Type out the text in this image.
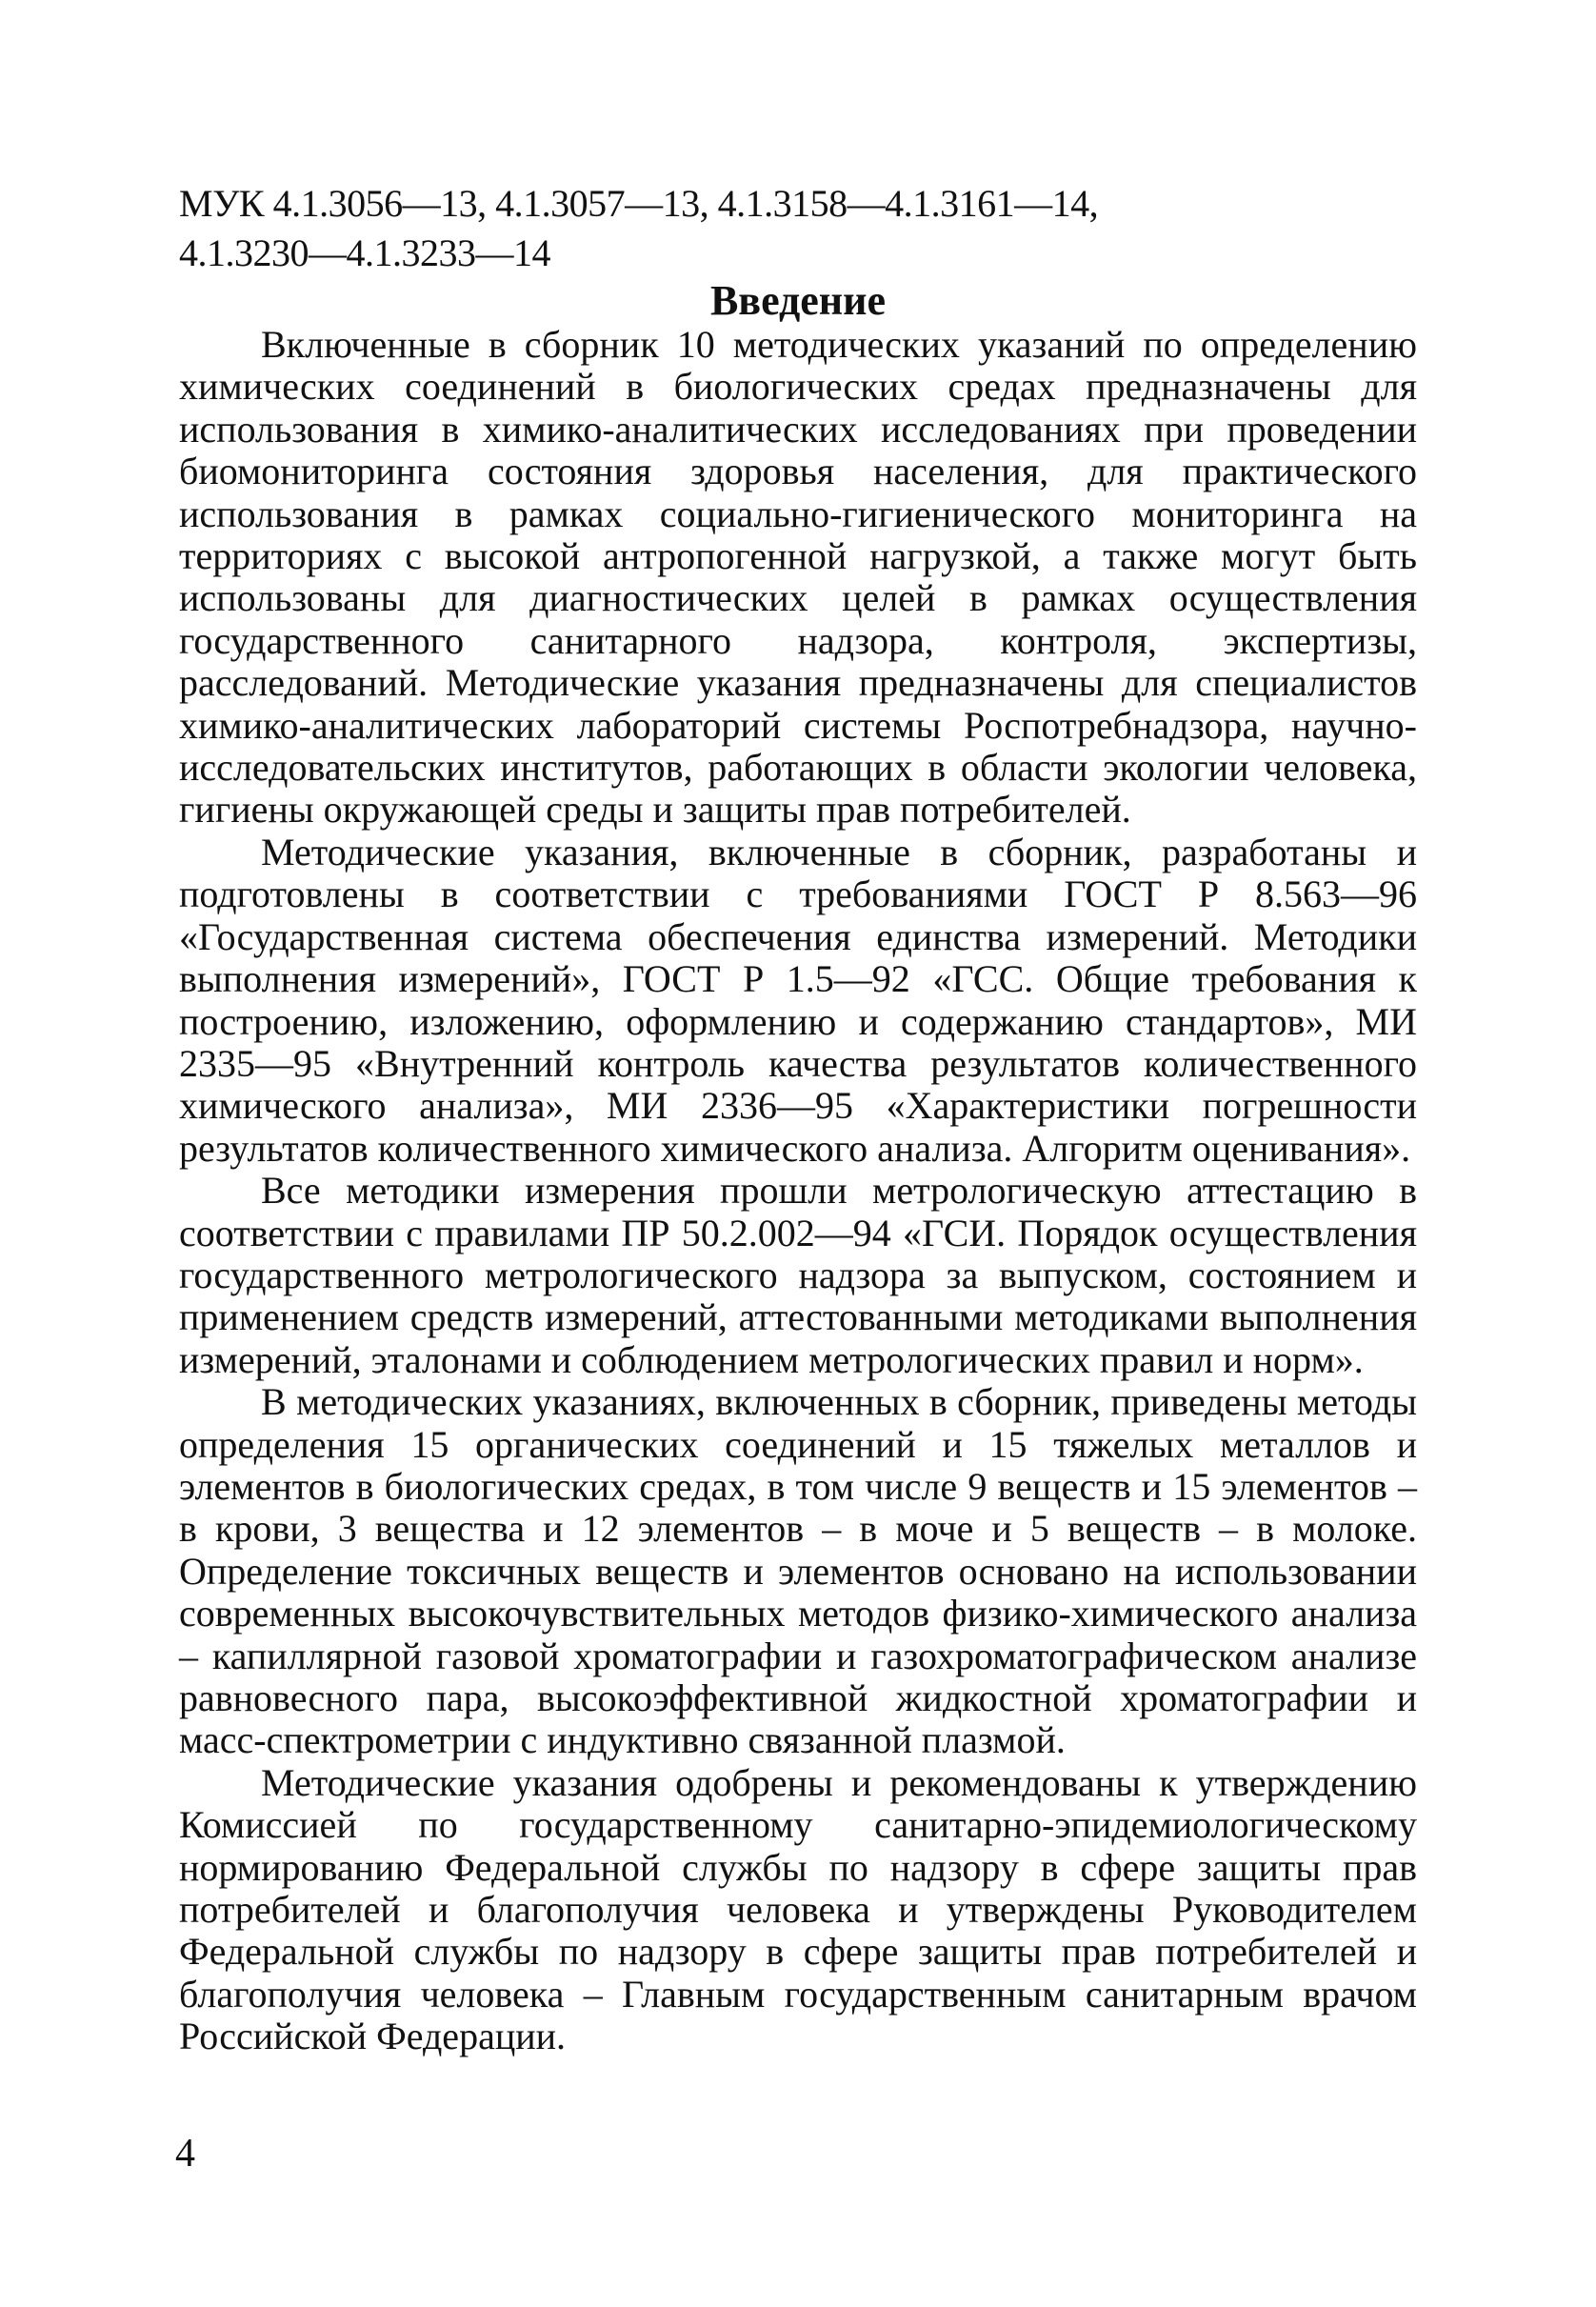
МУК 4.1.3056—13, 4.1.3057—13, 4.1.3158—4.1.3161—14,
4.1.3230—4.1.3233—14
Введение

Включенные в сборник 10 методических указаний по определению химических соединений в биологических средах предназначены для использования в химико-аналитических исследованиях при проведении биомониторинга состояния здоровья населения, для практического использования в рамках социально-гигиенического мониторинга на территориях с высокой антропогенной нагрузкой, а также могут быть использованы для диагностических целей в рамках осуществления государственного санитарного надзора, контроля, экспертизы, расследований. Методические указания предназначены для специалистов химико-аналитических лабораторий системы Роспотребнадзора, научно-исследовательских институтов, работающих в области экологии человека, гигиены окружающей среды и защиты прав потребителей.

Методические указания, включенные в сборник, разработаны и подготовлены в соответствии с требованиями ГОСТ Р 8.563—96 «Государственная система обеспечения единства измерений. Методики выполнения измерений», ГОСТ Р 1.5—92 «ГСС. Общие требования к построению, изложению, оформлению и содержанию стандартов», МИ 2335—95 «Внутренний контроль качества результатов количественного химического анализа», МИ 2336—95 «Характеристики погрешности результатов количественного химического анализа. Алгоритм оценивания».

Все методики измерения прошли метрологическую аттестацию в соответствии с правилами ПР 50.2.002—94 «ГСИ. Порядок осуществления государственного метрологического надзора за выпуском, состоянием и применением средств измерений, аттестованными методиками выполнения измерений, эталонами и соблюдением метрологических правил и норм».

В методических указаниях, включенных в сборник, приведены методы определения 15 органических соединений и 15 тяжелых металлов и элементов в биологических средах, в том числе 9 веществ и 15 элементов – в крови, 3 вещества и 12 элементов – в моче и 5 веществ – в молоке. Определение токсичных веществ и элементов основано на использовании современных высокочувствительных методов физико-химического анализа – капиллярной газовой хроматографии и газохроматографическом анализе равновесного пара, высокоэффективной жидкостной хроматографии и масс-спектрометрии с индуктивно связанной плазмой.

Методические указания одобрены и рекомендованы к утверждению Комиссией по государственному санитарно-эпидемиологическому нормированию Федеральной службы по надзору в сфере защиты прав потребителей и благополучия человека и утверждены Руководителем Федеральной службы по надзору в сфере защиты прав потребителей и благополучия человека – Главным государственным санитарным врачом Российской Федерации.

4
